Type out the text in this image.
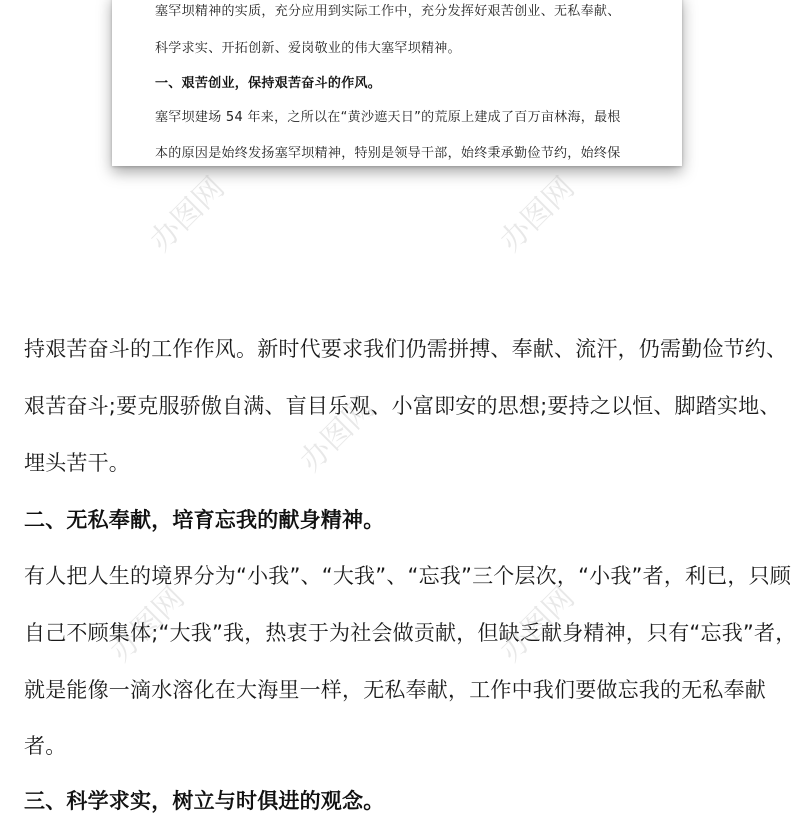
塞罕坝精神的实质，充分应用到实际工作中，充分发挥好艰苦创业、无私奉献、
科学求实、开拓创新、爱岗敬业的伟大塞罕坝精神。
一、艰苦创业，保持艰苦奋斗的作风。
塞罕坝建场 54 年来，之所以在“黄沙遮天日”的荒原上建成了百万亩林海，最根
本的原因是始终发扬塞罕坝精神，特别是领导干部，始终秉承勤俭节约，始终保
持艰苦奋斗的工作作风。新时代要求我们仍需拼搏、奉献、流汗，仍需勤俭节约、
艰苦奋斗;要克服骄傲自满、盲目乐观、小富即安的思想;要持之以恒、脚踏实地、
埋头苦干。
二、无私奉献，培育忘我的献身精神。
有人把人生的境界分为“小我”、“大我”、“忘我”三个层次，“小我”者，利已，只顾
自己不顾集体;“大我”我，热衷于为社会做贡献，但缺乏献身精神，只有“忘我”者，
就是能像一滴水溶化在大海里一样，无私奉献，工作中我们要做忘我的无私奉献
者。
三、科学求实，树立与时俱进的观念。
办图网	办图网
办图网
办图网	办图网
